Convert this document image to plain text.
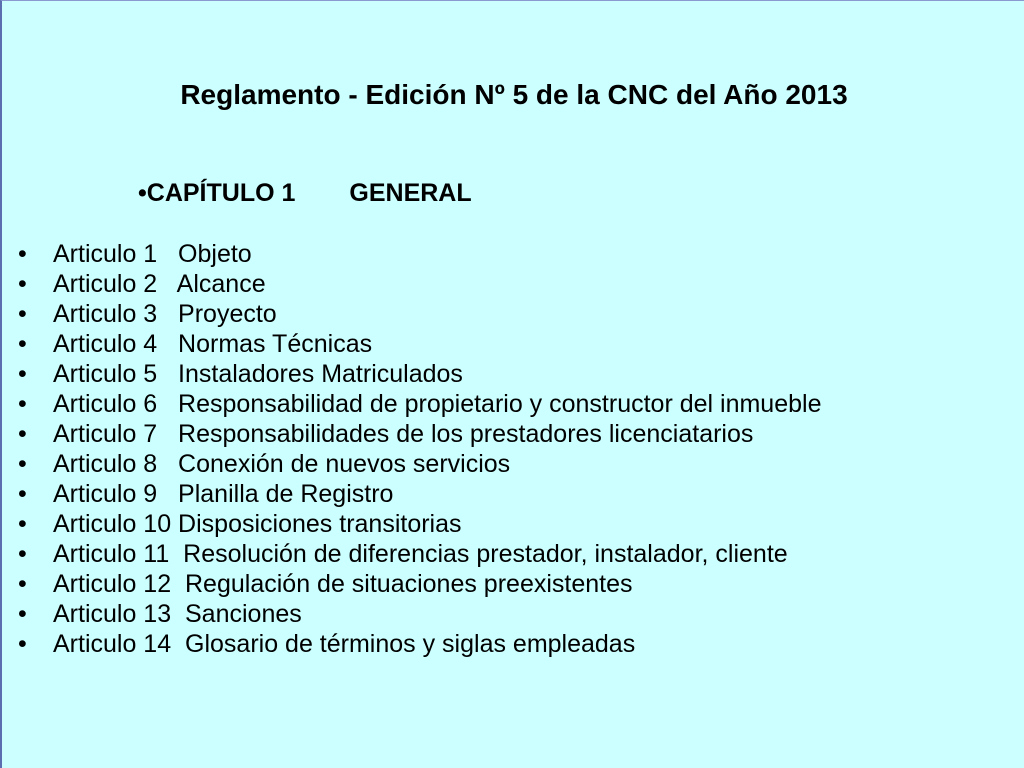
Reglamento - Edición Nº 5 de la CNC del Año 2013
•CAPÍTULO 1 GENERAL
• Articulo 1   Objeto
• Articulo 2   Alcance
• Articulo 3   Proyecto
• Articulo 4   Normas Técnicas
• Articulo 5   Instaladores Matriculados
• Articulo 6   Responsabilidad de propietario y constructor del inmueble
• Articulo 7   Responsabilidades de los prestadores licenciatarios
• Articulo 8   Conexión de nuevos servicios
• Articulo 9   Planilla de Registro
• Articulo 10 Disposiciones transitorias
• Articulo 11  Resolución de diferencias prestador, instalador, cliente
• Articulo 12  Regulación de situaciones preexistentes
• Articulo 13  Sanciones
• Articulo 14  Glosario de términos y siglas empleadas
